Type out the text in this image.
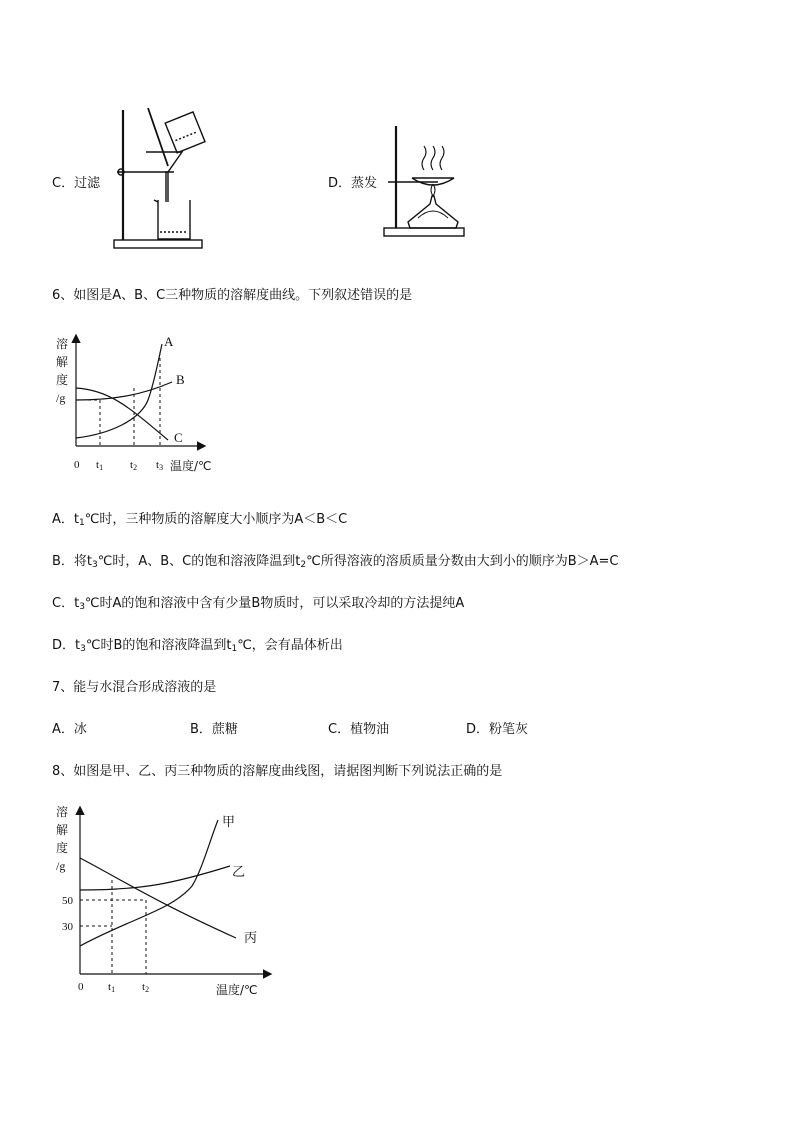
C．过滤	D．蒸发
6、如图是A、B、C三种物质的溶解度曲线。下列叙述错误的是
溶
解
度
/g
A
B
C
0 t1 t2 t3 温度/℃
A．$t_1℃$时，三种物质的溶解度大小顺序为A＜B＜C
B．将$t_3℃$时，A、B、C的饱和溶液降温到$t_2℃$所得溶液的溶质质量分数由大到小的顺序为B＞A=C
C．$t_3℃$时A的饱和溶液中含有少量B物质时，可以采取冷却的方法提纯A
D．$t_3℃$时B的饱和溶液降温到$t_1℃$，会有晶体析出
7、能与水混合形成溶液的是
A．冰	B．蔗糖	C．植物油	D．粉笔灰
8、如图是甲、乙、丙三种物质的溶解度曲线图，请据图判断下列说法正确的是
溶
解
度
/g
50
30
甲
乙
丙
0 t1 t2	温度/℃
